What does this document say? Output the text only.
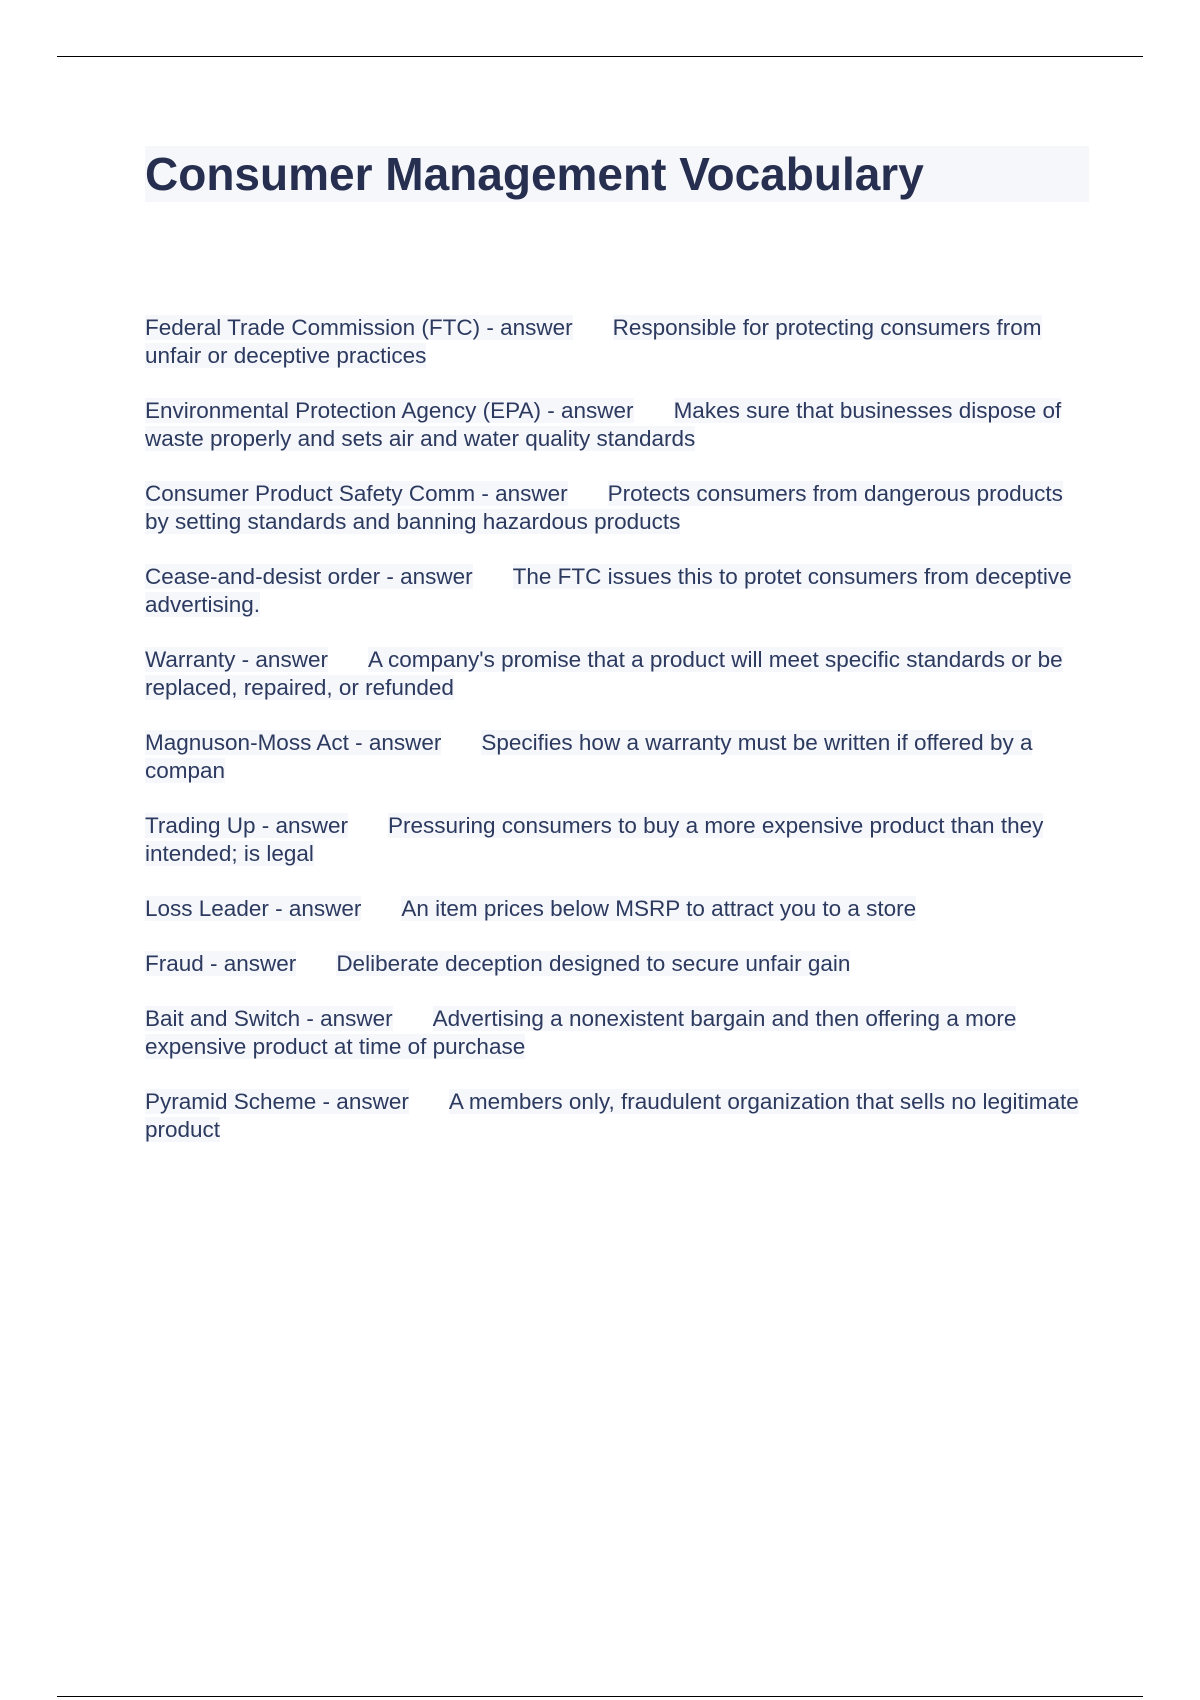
Consumer Management Vocabulary

Federal Trade Commission (FTC) - answer Responsible for protecting consumers from unfair or deceptive practices

Environmental Protection Agency (EPA) - answer Makes sure that businesses dispose of waste properly and sets air and water quality standards

Consumer Product Safety Comm - answer Protects consumers from dangerous products by setting standards and banning hazardous products

Cease-and-desist order - answer The FTC issues this to protet consumers from deceptive advertising.

Warranty - answer A company's promise that a product will meet specific standards or be replaced, repaired, or refunded

Magnuson-Moss Act - answer Specifies how a warranty must be written if offered by a compan

Trading Up - answer Pressuring consumers to buy a more expensive product than they intended; is legal

Loss Leader - answer An item prices below MSRP to attract you to a store

Fraud - answer Deliberate deception designed to secure unfair gain

Bait and Switch - answer Advertising a nonexistent bargain and then offering a more expensive product at time of purchase

Pyramid Scheme - answer A members only, fraudulent organization that sells no legitimate product
